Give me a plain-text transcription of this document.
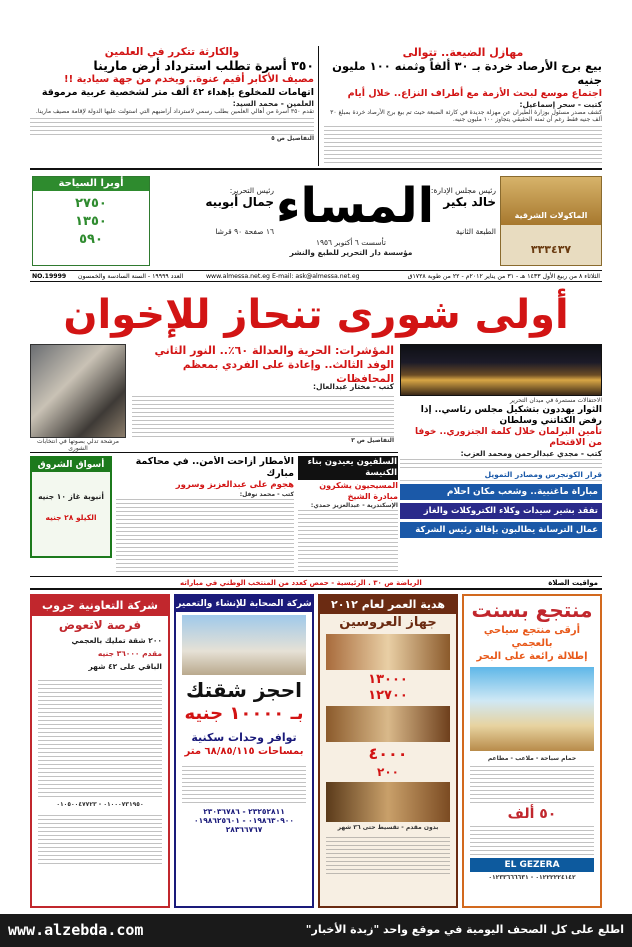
مهازل الضيعة.. تتوالى
بيع برج الأرصاد خردة بـ ٣٠ ألفاً وثمنه ١٠٠ مليون جنيه
اجتماع موسع لبحث الأزمة مع أطراف النزاع.. خلال أيام
كتبت - سحر إسماعيل:
كشف مصدر مسئول بوزارة الطيران عن مهزلة جديدة في كارثة الضبعة حيث تم بيع برج الأرصاد خردة بمبلغ ٣٠ ألف جنيه فقط رغم أن ثمنه الحقيقي يتجاوز ١٠٠ مليون جنيه.
والكارثة تتكرر في العلمين
٣٥٠ أسرة تطلب استرداد أرض مارينا
مصيف الأكابر أقيم عنوة.. ويخدم من جهة سيادية !!
اتهامات للمخلوع بإهداء ٤٢ ألف متر لشخصية عربية مرموقة
العلمين - محمد السيد:
تقدم ٣٥٠ أسرة من أهالي العلمين بطلب رسمي لاسترداد أراضيهم التي استولت عليها الدولة لإقامة مصيف مارينا.
التفاصيل ص ٥
الماكولات الشرقية
٣٣٣٤٣٧
رئيس مجلس الإدارة:
خالد بكير
الطبعة الثانية
المساء
تأسست ٦ أكتوبر ١٩٥٦
مؤسسة دار التحرير للطبع والنشر
رئيس التحرير:
جمال أبوبيه
١٦ صفحة ٩٠ قرشا
أوبرا السياحة
٢٧٥٠
١٣٥٠
٥٩٠
NO.19999 العدد ١٩٩٩٩ - السنة السادسة والخمسون	www.almessa.net.eg E-mail: ask@almessa.net.eg	الثلاثاء ٨ من ربيع الأول ١٤٣٣ هـ - ٣١ من يناير ٢٠١٢م - ٢٢ من طوبة ١٧٢٨ق
أولى شورى تنحاز للإخوان
المؤشرات: الحرية والعدالة ٦٠٪.. النور الثاني
الوفد الثالث.. وإعادة على الفردي بمعظم المحافظات
مرشحة تدلي بصوتها في انتخابات الشورى
كتب - مختار عبدالعال:
التفاصيل ص ٣
الاحتفالات مستمرة في ميدان التحرير
الثوار يهددون بتشكيل مجلس رئاسي.. إذا رفض الكتاتني وسلطان
تأمين البرلمان خلال كلمة الجنزوري.. خوفا من الاقتحام
كتب - مجدي عبدالرحمن ومحمد العزب:
السلفيون يعيدون بناء الكنيسة
المسيحيون يشكرون مبادرة الشيخ
الإسكندرية - عبدالعزيز حمدي:
الأمطار أزاحت الأمن.. في محاكمة مبارك
هجوم على عبدالعزيز وسرور
كتب - محمد نوفل:
أسواق الشروق
أنبوبة غاز ١٠ جنيه
الكيلو ٢٨ جنيه
قرار الكونجرس ومصادر التمويل
مباراة ماغنبية.. وشعب مكان احلام
تفقد بشير سيدات وكلاء الكتروكلات والغاز
عمال الترسانة يطالبون بإقالة رئيس الشركة
الرياضة ص ٣٠ . الرئيسية - حمص كعدد من المنتخب الوطني في مباراته	مواقيت الصلاة
منتجع بسنت
أرقى منتجع سياحي بالعجمي
إطلالة رائعة على البحر
حمام سباحة - ملاعب - مطاعم
٥٠ ألف
EL GEZERA
٠١٢٢٢٢٢٤١٤٢ - ٠١٢٣٣٦٦٦٦٣١
هدية العمر لعام ٢٠١٢
جهاز العروسين
١٣٠٠٠
١٢٧٠٠
٤٠٠٠
٢٠٠
بدون مقدم - تقسيط حتى ٣٦ شهر
شركة الصحابة للإنشاء والتعمير
احجز شقتك
بـ ١٠٠٠٠ جنيه
توافر وحدات سكنية
بمساحات ٦٨/٨٥/١١٥ متر
٢٣٢٥٢٨١١ - ٢٣٠٣٦٧٨٦
٠١٩٨٦٣٠٩٠٠ - ٠١٩٨٦٢٥٦٠١
٢٨٣٦٦٧٦٧
شركة التعاونية جروب
فرصة لاتعوض
٢٠٠ شقة تمليك بالعجمي
مقدم ٣٦٠٠٠ جنيه
الباقي على ٤٢ شهر
٠١٠٠٠٧٣١٩٥٠ - ٠١٠٥٠٠٤٧٧٢٣
www.alzebda.com	اطلع على كل الصحف اليومية في موقع واحد "زبدة الأخبار"
